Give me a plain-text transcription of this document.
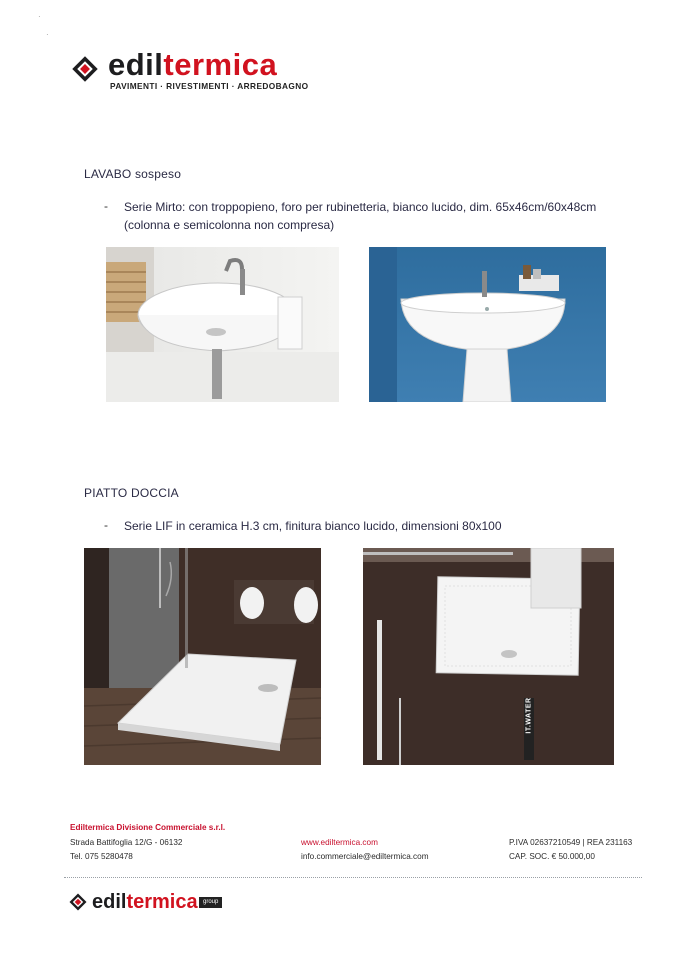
·
·
ediltermica
PAVIMENTI · RIVESTIMENTI · ARREDOBAGNO
LAVABO sospeso
- Serie Mirto: con troppopieno, foro per rubinetteria, bianco lucido, dim. 65x46cm/60x48cm (colonna e semicolonna non compresa)
PIATTO DOCCIA
- Serie LIF in ceramica H.3 cm, finitura bianco lucido, dimensioni 80x100
IT.WATER
Ediltermica Divisione Commerciale s.r.l.
Strada Battifoglia 12/G - 06132
Tel. 075 5280478
www.ediltermica.com
info.commerciale@ediltermica.com
P.IVA 02637210549 | REA 231163
CAP. SOC. € 50.000,00
ediltermica group
